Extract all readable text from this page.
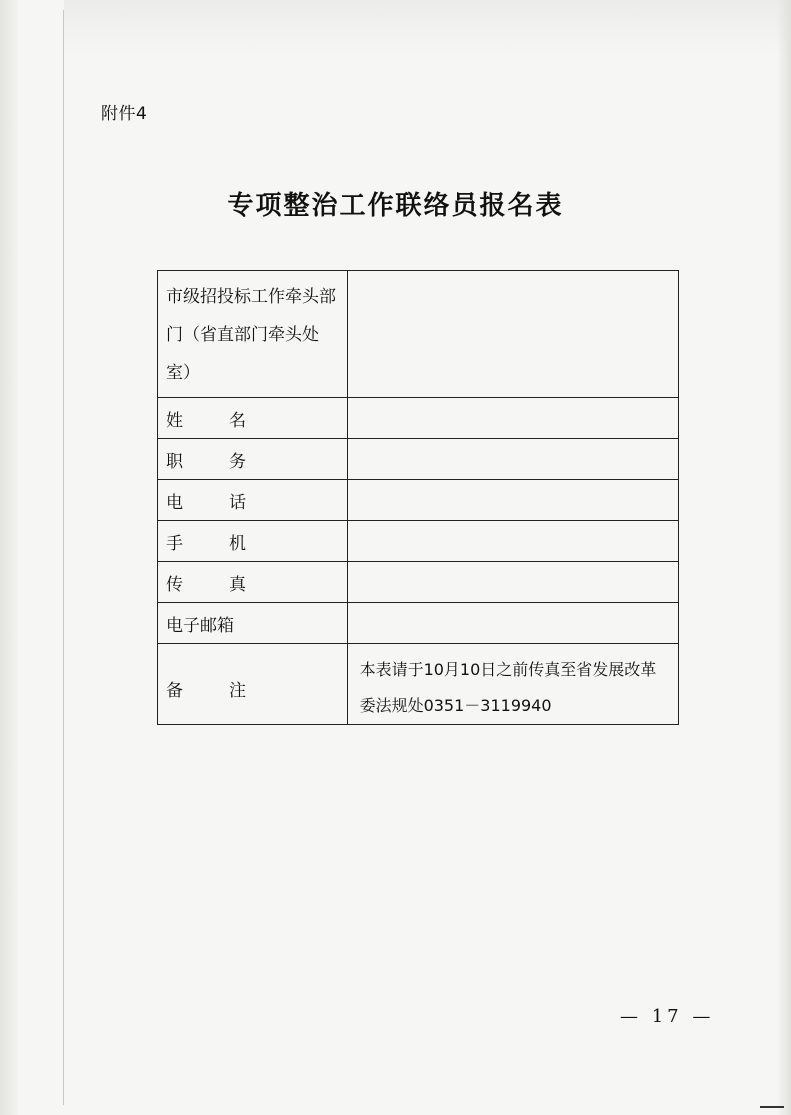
附件4
专项整治工作联络员报名表
市级招投标工作牵头部门（省直部门牵头处室）	

姓 名	

职 务	

电 话	

手 机	

传 真	

电子邮箱	

备 注	本表请于10月10日之前传真至省发展改革委法规处0351－3119940
— 17 —
